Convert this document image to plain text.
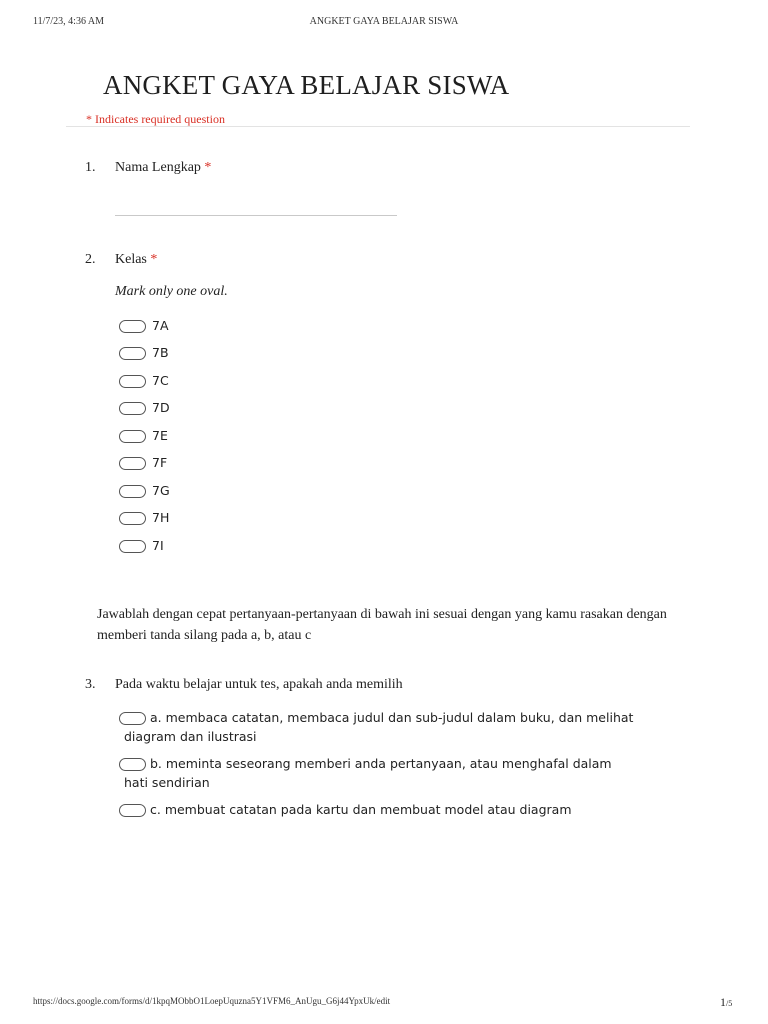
11/7/23, 4:36 AM	ANGKET GAYA BELAJAR SISWA
ANGKET GAYA BELAJAR SISWA
* Indicates required question
1. Nama Lengkap *
2. Kelas *
Mark only one oval.
7A
7B
7C
7D
7E
7F
7G
7H
7I
Jawablah dengan cepat pertanyaan-pertanyaan di bawah ini sesuai dengan yang kamu rasakan dengan memberi tanda silang pada a, b, atau c
3. Pada waktu belajar untuk tes, apakah anda memilih
a. membaca catatan, membaca judul dan sub-judul dalam buku, dan melihat
diagram dan ilustrasi
b. meminta seseorang memberi anda pertanyaan, atau menghafal dalam
hati sendirian
c. membuat catatan pada kartu dan membuat model atau diagram
https://docs.google.com/forms/d/1kpqMObbO1LoepUquzna5Y1VFM6_AnUgu_G6j44YpxUk/edit	1/5
